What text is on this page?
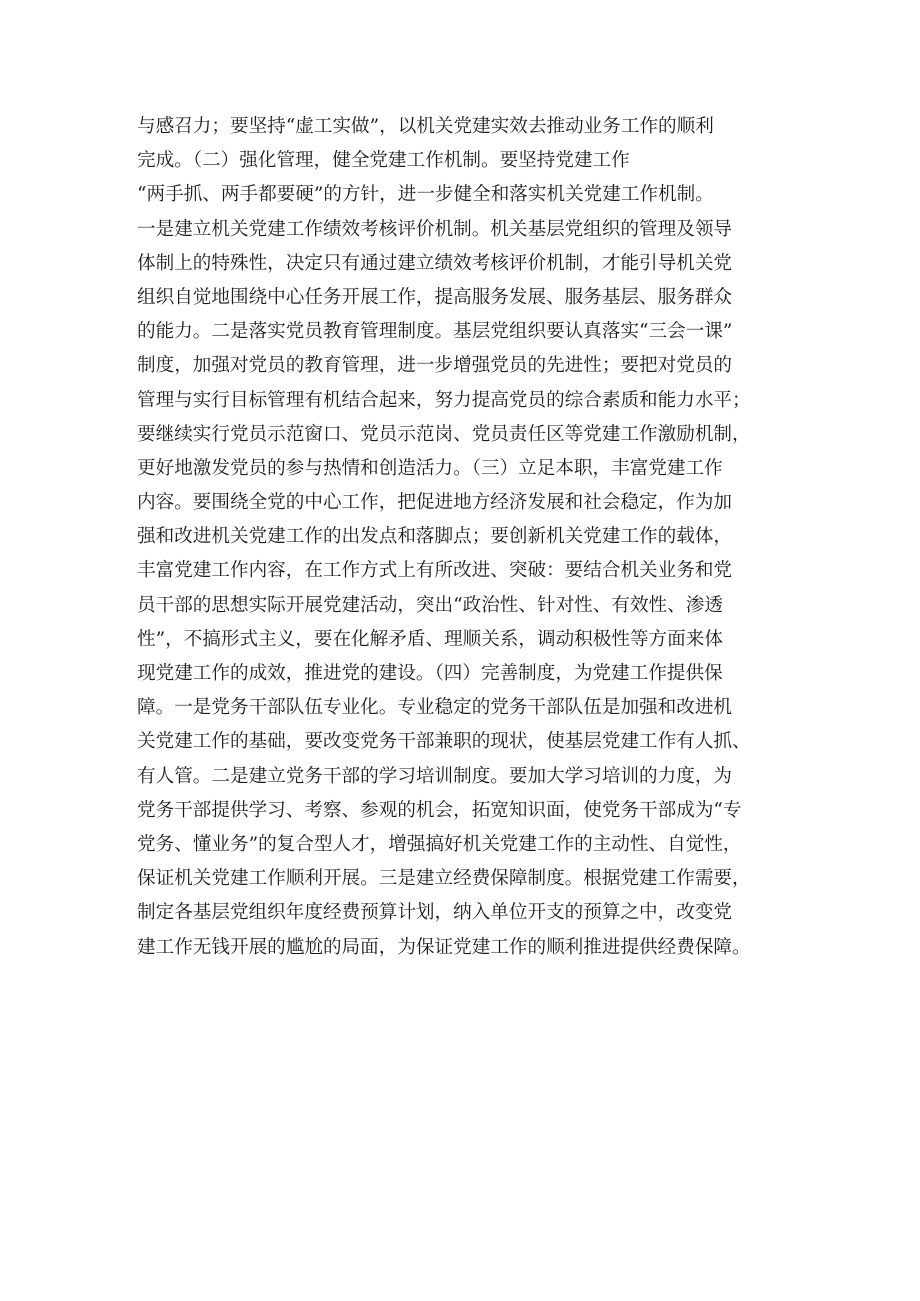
与感召力；要坚持“虚工实做”，以机关党建实效去推动业务工作的顺利
完成。（二）强化管理，健全党建工作机制。要坚持党建工作
“两手抓、两手都要硬”的方针，进一步健全和落实机关党建工作机制。
一是建立机关党建工作绩效考核评价机制。机关基层党组织的管理及领导
体制上的特殊性，决定只有通过建立绩效考核评价机制，才能引导机关党
组织自觉地围绕中心任务开展工作，提高服务发展、服务基层、服务群众
的能力。二是落实党员教育管理制度。基层党组织要认真落实“三会一课”
制度，加强对党员的教育管理，进一步增强党员的先进性；要把对党员的
管理与实行目标管理有机结合起来，努力提高党员的综合素质和能力水平；
要继续实行党员示范窗口、党员示范岗、党员责任区等党建工作激励机制，
更好地激发党员的参与热情和创造活力。（三）立足本职，丰富党建工作
内容。要围绕全党的中心工作，把促进地方经济发展和社会稳定，作为加
强和改进机关党建工作的出发点和落脚点；要创新机关党建工作的载体，
丰富党建工作内容，在工作方式上有所改进、突破：要结合机关业务和党
员干部的思想实际开展党建活动，突出“政治性、针对性、有效性、渗透
性”，不搞形式主义，要在化解矛盾、理顺关系，调动积极性等方面来体
现党建工作的成效，推进党的建设。（四）完善制度，为党建工作提供保
障。一是党务干部队伍专业化。专业稳定的党务干部队伍是加强和改进机
关党建工作的基础，要改变党务干部兼职的现状，使基层党建工作有人抓、
有人管。二是建立党务干部的学习培训制度。要加大学习培训的力度，为
党务干部提供学习、考察、参观的机会，拓宽知识面，使党务干部成为“专
党务、懂业务”的复合型人才，增强搞好机关党建工作的主动性、自觉性，
保证机关党建工作顺利开展。三是建立经费保障制度。根据党建工作需要，
制定各基层党组织年度经费预算计划，纳入单位开支的预算之中，改变党
建工作无钱开展的尴尬的局面，为保证党建工作的顺利推进提供经费保障。
